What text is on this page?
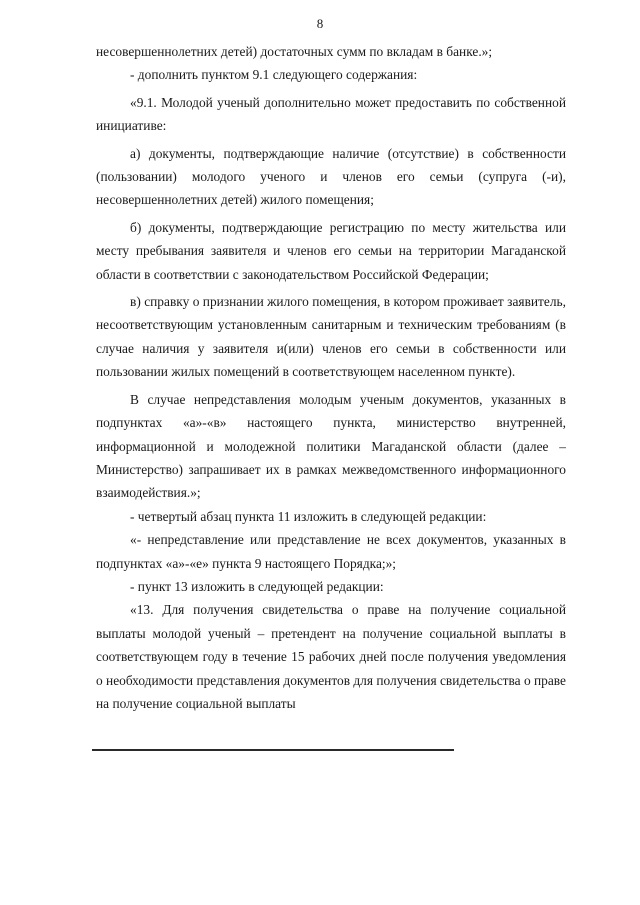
8

несовершеннолетних детей) достаточных сумм по вкладам в банке.»;

- дополнить пунктом 9.1 следующего содержания:

«9.1. Молодой ученый дополнительно может предоставить по собственной инициативе:

а) документы, подтверждающие наличие (отсутствие) в собственности (пользовании) молодого ученого и членов его семьи (супруга (-и), несовершеннолетних детей) жилого помещения;

б) документы, подтверждающие регистрацию по месту жительства или месту пребывания заявителя и членов его семьи на территории Магаданской области в соответствии с законодательством Российской Федерации;

в) справку о признании жилого помещения, в котором проживает заявитель, несоответствующим установленным санитарным и техническим требованиям (в случае наличия у заявителя и(или) членов его семьи в собственности или пользовании жилых помещений в соответствующем населенном пункте).

В случае непредставления молодым ученым документов, указанных в подпунктах «а»-«в» настоящего пункта, министерство внутренней, информационной и молодежной политики Магаданской области (далее – Министерство) запрашивает их в рамках межведомственного информационного взаимодействия.»;

- четвертый абзац пункта 11 изложить в следующей редакции:

«- непредставление или представление не всех документов, указанных в подпунктах «а»-«е» пункта 9 настоящего Порядка;»;

- пункт 13 изложить в следующей редакции:

«13. Для получения свидетельства о праве на получение социальной выплаты молодой ученый – претендент на получение социальной выплаты в соответствующем году в течение 15 рабочих дней после получения уведомления о необходимости представления документов для получения свидетельства о праве на получение социальной выплаты
